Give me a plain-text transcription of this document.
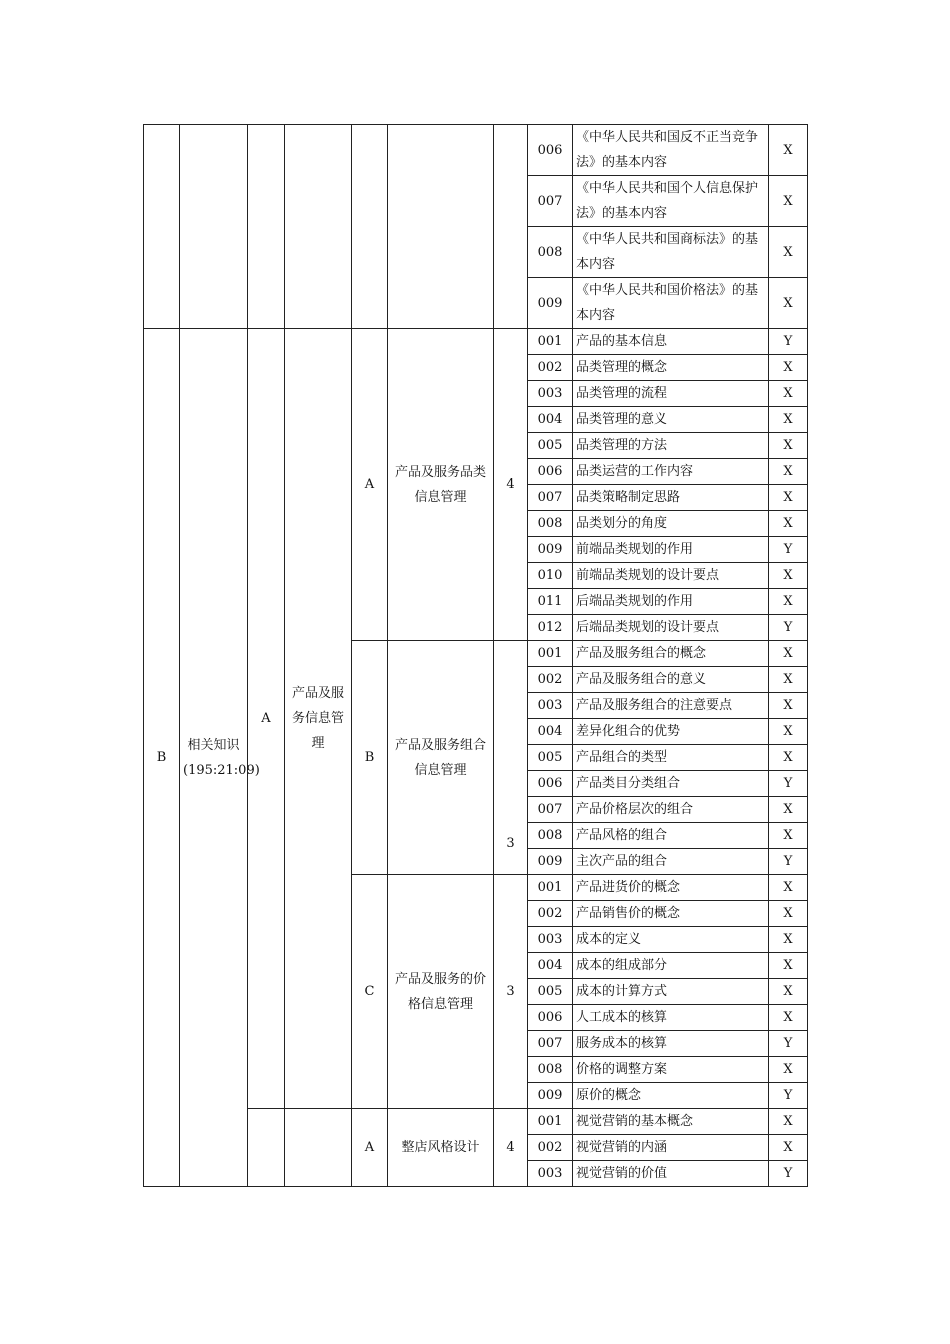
							006	《中华人民共和国反不正当竞争法》的基本内容	X
							007	《中华人民共和国个人信息保护法》的基本内容	X
							008	《中华人民共和国商标法》的基本内容	X
							009	《中华人民共和国价格法》的基本内容	X
B	相关知识(195:21:09)	A	产品及服务信息管理	A	产品及服务品类信息管理	4	001	产品的基本信息	Y
							002	品类管理的概念	X
							003	品类管理的流程	X
							004	品类管理的意义	X
							005	品类管理的方法	X
							006	品类运营的工作内容	X
							007	品类策略制定思路	X
							008	品类划分的角度	X
							009	前端品类规划的作用	Y
							010	前端品类规划的设计要点	X
							011	后端品类规划的作用	X
							012	后端品类规划的设计要点	Y
				B	产品及服务组合信息管理	3	001	产品及服务组合的概念	X
							002	产品及服务组合的意义	X
							003	产品及服务组合的注意要点	X
							004	差异化组合的优势	X
							005	产品组合的类型	X
							006	产品类目分类组合	Y
							007	产品价格层次的组合	X
							008	产品风格的组合	X
							009	主次产品的组合	Y
				C	产品及服务的价格信息管理	3	001	产品进货价的概念	X
							002	产品销售价的概念	X
							003	成本的定义	X
							004	成本的组成部分	X
							005	成本的计算方式	X
							006	人工成本的核算	X
							007	服务成本的核算	Y
							008	价格的调整方案	X
							009	原价的概念	Y
				A	整店风格设计	4	001	视觉营销的基本概念	X
							002	视觉营销的内涵	X
							003	视觉营销的价值	Y
